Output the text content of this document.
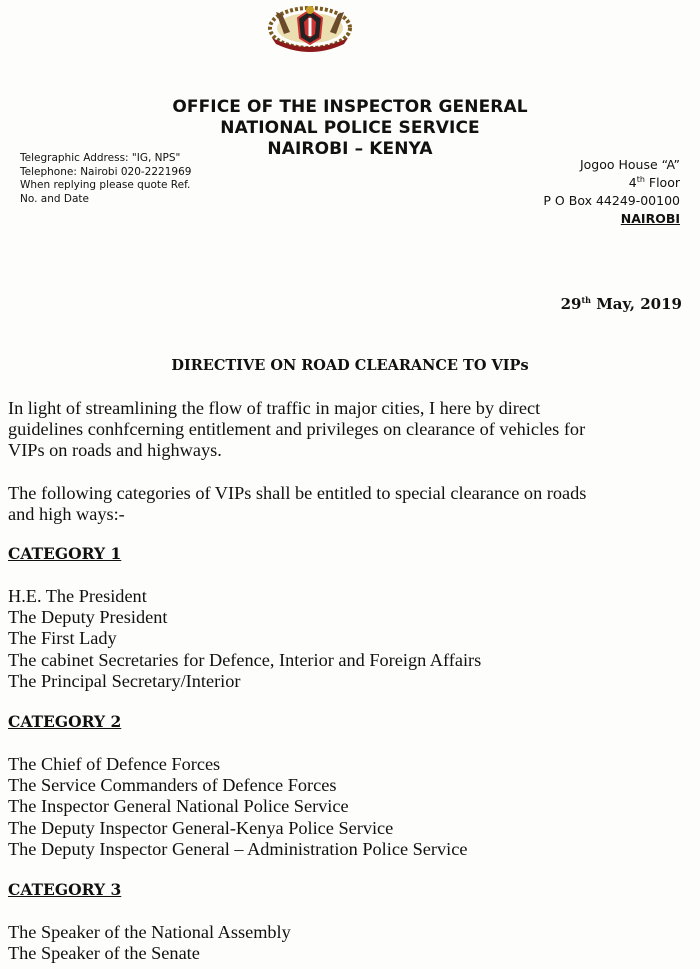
OFFICE OF THE INSPECTOR GENERAL
NATIONAL POLICE SERVICE
NAIROBI – KENYA
Telegraphic Address: "IG, NPS"
Telephone: Nairobi 020-2221969
When replying please quote Ref.
No. and Date
Jogoo House “A”
4th Floor
P O Box 44249-00100
NAIROBI
29th May, 2019
DIRECTIVE ON ROAD CLEARANCE TO VIPs
In light of streamlining the flow of traffic in major cities, I here by direct
guidelines conhfcerning entitlement and privileges on clearance of vehicles for
VIPs on roads and highways.
The following categories of VIPs shall be entitled to special clearance on roads
and high ways:-
CATEGORY 1
H.E. The President
The Deputy President
The First Lady
The cabinet Secretaries for Defence, Interior and Foreign Affairs
The Principal Secretary/Interior
CATEGORY 2
The Chief of Defence Forces
The Service Commanders of Defence Forces
The Inspector General National Police Service
The Deputy Inspector General-Kenya Police Service
The Deputy Inspector General – Administration Police Service
CATEGORY 3
The Speaker of the National Assembly
The Speaker of the Senate
